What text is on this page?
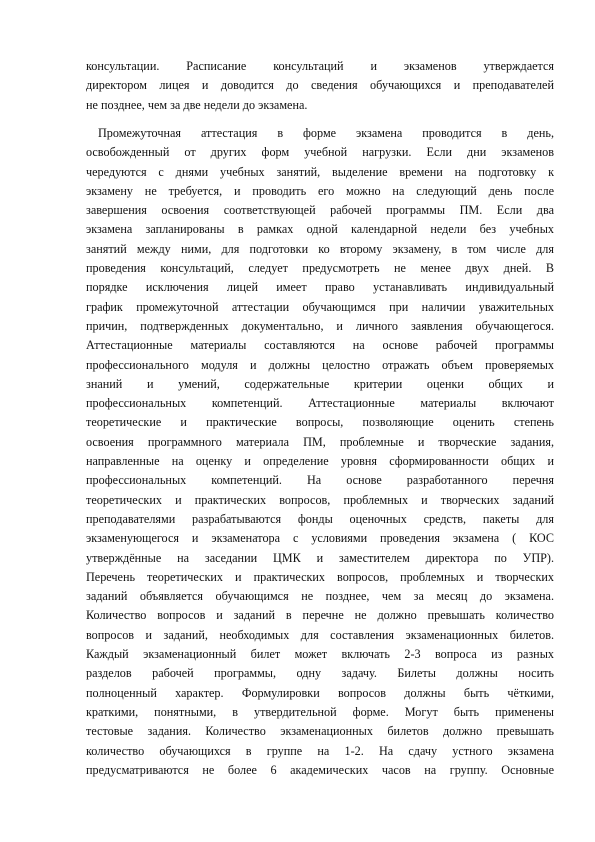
консультации. Расписание консультаций и экзаменов утверждается
директором лицея и доводится до сведения обучающихся и преподавателей
не позднее, чем за две недели до экзамена.
Промежуточная аттестация в форме экзамена проводится в день,
освобожденный от других форм учебной нагрузки. Если дни экзаменов
чередуются с днями учебных занятий, выделение времени на подготовку к
экзамену не требуется, и проводить его можно на следующий день после
завершения освоения соответствующей рабочей программы ПМ. Если два
экзамена запланированы в рамках одной календарной недели без учебных
занятий между ними, для подготовки ко второму экзамену, в том числе для
проведения консультаций, следует предусмотреть не менее двух дней. В
порядке исключения лицей имеет право устанавливать индивидуальный
график промежуточной аттестации обучающимся при наличии уважительных
причин, подтвержденных документально, и личного заявления обучающегося.
Аттестационные материалы составляются на основе рабочей программы
профессионального модуля и должны целостно отражать объем проверяемых
знаний и умений, содержательные критерии оценки общих и
профессиональных компетенций. Аттестационные материалы включают
теоретические и практические вопросы, позволяющие оценить степень
освоения программного материала ПМ, проблемные и творческие задания,
направленные на оценку и определение уровня сформированности общих и
профессиональных компетенций. На основе разработанного перечня
теоретических и практических вопросов, проблемных и творческих заданий
преподавателями разрабатываются фонды оценочных средств, пакеты для
экзаменующегося и экзаменатора с условиями проведения экзамена ( КОС
утверждённые на заседании ЦМК и заместителем директора по УПР).
Перечень теоретических и практических вопросов, проблемных и творческих
заданий объявляется обучающимся не позднее, чем за месяц до экзамена.
Количество вопросов и заданий в перечне не должно превышать количество
вопросов и заданий, необходимых для составления экзаменационных билетов.
Каждый экзаменационный билет может включать 2-3 вопроса из разных
разделов рабочей программы, одну задачу. Билеты должны носить
полноценный характер. Формулировки вопросов должны быть чёткими,
краткими, понятными, в утвердительной форме. Могут быть применены
тестовые задания. Количество экзаменационных билетов должно превышать
количество обучающихся в группе на 1-2. На сдачу устного экзамена
предусматриваются не более 6 академических часов на группу. Основные
